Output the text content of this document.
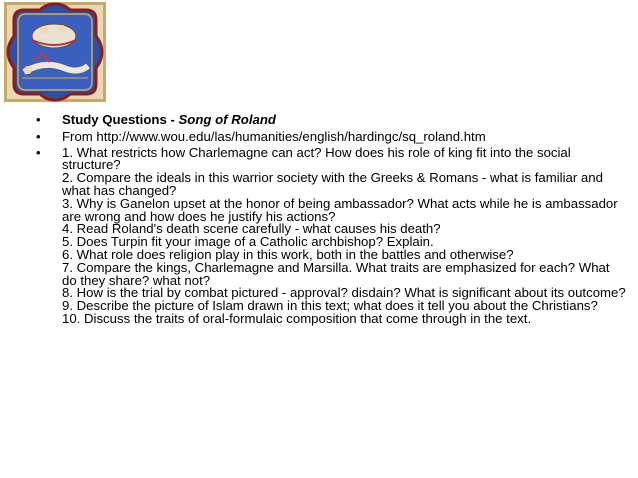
• Study Questions - Song of Roland
• From http://www.wou.edu/las/humanities/english/hardingc/sq_roland.htm
• 1. What restricts how Charlemagne can act? How does his role of king fit into the social structure?
2. Compare the ideals in this warrior society with the Greeks & Romans - what is familiar and what has changed?
3. Why is Ganelon upset at the honor of being ambassador? What acts while he is ambassador are wrong and how does he justify his actions?
4. Read Roland's death scene carefully - what causes his death?
5. Does Turpin fit your image of a Catholic archbishop? Explain.
6. What role does religion play in this work, both in the battles and otherwise?
7. Compare the kings, Charlemagne and Marsilla. What traits are emphasized for each? What do they share? what not?
8. How is the trial by combat pictured - approval? disdain? What is significant about its outcome?
9. Describe the picture of Islam drawn in this text; what does it tell you about the Christians?
10. Discuss the traits of oral-formulaic composition that come through in the text.
